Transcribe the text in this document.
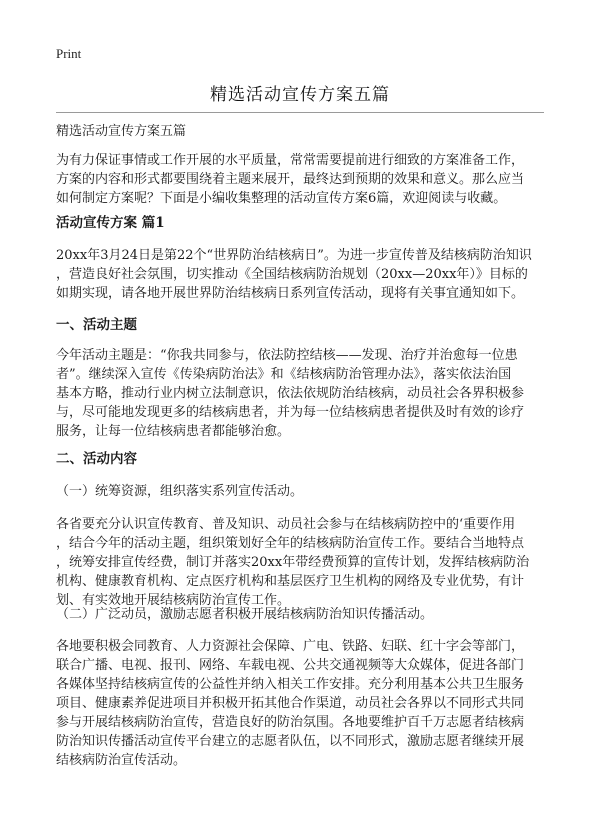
Print
精选活动宣传方案五篇
精选活动宣传方案五篇
为有力保证事情或工作开展的水平质量，常常需要提前进行细致的方案准备工作，
方案的内容和形式都要围绕着主题来展开，最终达到预期的效果和意义。那么应当
如何制定方案呢？下面是小编收集整理的活动宣传方案6篇，欢迎阅读与收藏。
活动宣传方案 篇1
20xx年3月24日是第22个“世界防治结核病日”。为进一步宣传普及结核病防治知识
，营造良好社会氛围，切实推动《全国结核病防治规划（20xx—20xx年）》目标的
如期实现，请各地开展世界防治结核病日系列宣传活动，现将有关事宜通知如下。
一、活动主题
今年活动主题是：“你我共同参与，依法防控结核——发现、治疗并治愈每一位患
者”。继续深入宣传《传染病防治法》和《结核病防治管理办法》，落实依法治国
基本方略，推动行业内树立法制意识，依法依规防治结核病，动员社会各界积极参
与，尽可能地发现更多的结核病患者，并为每一位结核病患者提供及时有效的诊疗
服务，让每一位结核病患者都能够治愈。
二、活动内容
（一）统筹资源，组织落实系列宣传活动。
各省要充分认识宣传教育、普及知识、动员社会参与在结核病防控中的‘重要作用
，结合今年的活动主题，组织策划好全年的结核病防治宣传工作。要结合当地特点
，统筹安排宣传经费，制订并落实20xx年带经费预算的宣传计划，发挥结核病防治
机构、健康教育机构、定点医疗机构和基层医疗卫生机构的网络及专业优势，有计
划、有实效地开展结核病防治宣传工作。
（二）广泛动员，激励志愿者积极开展结核病防治知识传播活动。
各地要积极会同教育、人力资源社会保障、广电、铁路、妇联、红十字会等部门，
联合广播、电视、报刊、网络、车载电视、公共交通视频等大众媒体，促进各部门
各媒体坚持结核病宣传的公益性并纳入相关工作安排。充分利用基本公共卫生服务
项目、健康素养促进项目并积极开拓其他合作渠道，动员社会各界以不同形式共同
参与开展结核病防治宣传，营造良好的防治氛围。各地要维护百千万志愿者结核病
防治知识传播活动宣传平台建立的志愿者队伍，以不同形式，激励志愿者继续开展
结核病防治宣传活动。
